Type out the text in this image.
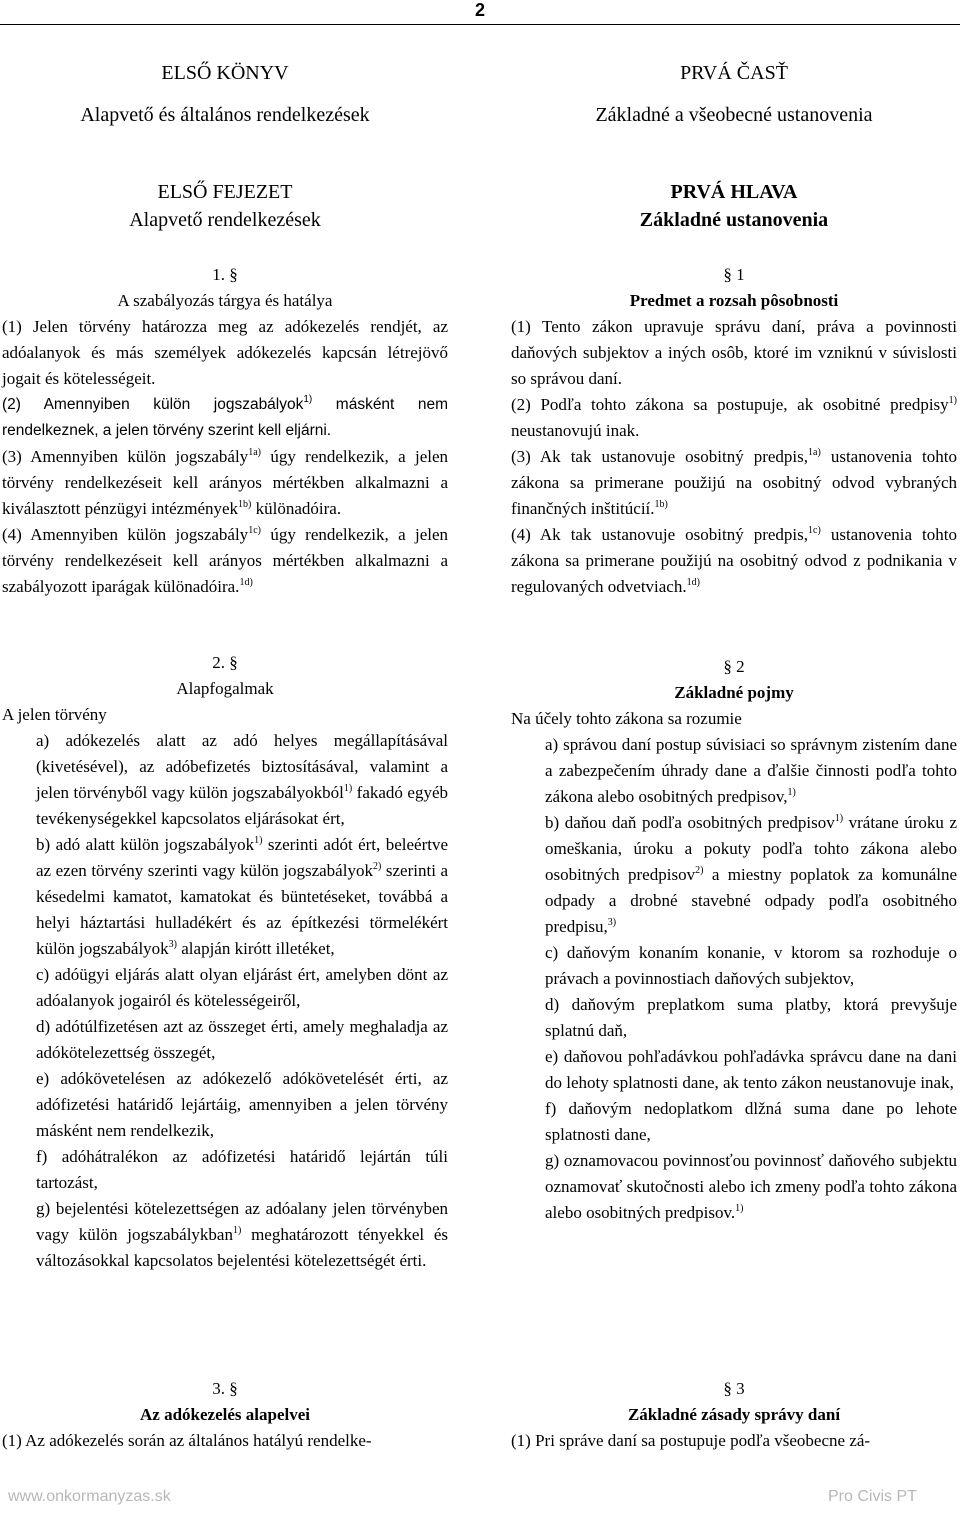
2
ELSŐ KÖNYV
Alapvető és általános rendelkezések
ELSŐ FEJEZET
Alapvető rendelkezések
1. §
A szabályozás tárgya és hatálya
(1) Jelen törvény határozza meg az adókezelés rendjét, az adóalanyok és más személyek adókezelés kapcsán létrejövő jogait és kötelességeit.
(2) Amennyiben külön jogszabályok$^{1)}$ másként nem rendelkeznek, a jelen törvény szerint kell eljárni.
(3) Amennyiben külön jogszabály$^{1a)}$ úgy rendelkezik, a jelen törvény rendelkezéseit kell arányos mértékben alkalmazni a kiválasztott pénzügyi intézmények$^{1b)}$ különadóira.
(4) Amennyiben külön jogszabály$^{1c)}$ úgy rendelkezik, a jelen törvény rendelkezéseit kell arányos mértékben alkalmazni a szabályozott iparágak különadóira.$^{1d)}$
2. §
Alapfogalmak
A jelen törvény
a) adókezelés alatt az adó helyes megállapításával (kivetésével), az adóbefizetés biztosításával, valamint a jelen törvényből vagy külön jogszabályokból$^{1)}$ fakadó egyéb tevékenységekkel kapcsolatos eljárásokat ért,
b) adó alatt külön jogszabályok$^{1)}$ szerinti adót ért, beleértve az ezen törvény szerinti vagy külön jogszabályok$^{2)}$ szerinti a késedelmi kamatot, kamatokat és büntetéseket, továbbá a helyi háztartási hulladékért és az építkezési törmelékért külön jogszabályok$^{3)}$ alapján kirótt illetéket,
c) adóügyi eljárás alatt olyan eljárást ért, amelyben dönt az adóalanyok jogairól és kötelességeiről,
d) adótúlfizetésen azt az összeget érti, amely meghaladja az adókötelezettség összegét,
e) adókövetelésen az adókezelő adókövetelését érti, az adófizetési határidő lejártáig, amennyiben a jelen törvény másként nem rendelkezik,
f) adóhátralékon az adófizetési határidő lejártán túli tartozást,
g) bejelentési kötelezettségen az adóalany jelen törvényben vagy külön jogszabálykban$^{1)}$ meghatározott tényekkel és változásokkal kapcsolatos bejelentési kötelezettségét érti.
3. §
Az adókezelés alapelvei
(1) Az adókezelés során az általános hatályú rendelke-
PRVÁ ČASŤ
Základné a všeobecné ustanovenia
PRVÁ HLAVA
Základné ustanovenia
§ 1
Predmet a rozsah pôsobnosti
(1) Tento zákon upravuje správu daní, práva a povinnosti daňových subjektov a iných osôb, ktoré im vzniknú v súvislosti so správou daní.
(2) Podľa tohto zákona sa postupuje, ak osobitné predpisy$^{1)}$ neustanovujú inak.
(3) Ak tak ustanovuje osobitný predpis,$^{1a)}$ ustanovenia tohto zákona sa primerane použijú na osobitný odvod vybraných finančných inštitúcií.$^{1b)}$
(4) Ak tak ustanovuje osobitný predpis,$^{1c)}$ ustanovenia tohto zákona sa primerane použijú na osobitný odvod z podnikania v regulovaných odvetviach.$^{1d)}$
§ 2
Základné pojmy
Na účely tohto zákona sa rozumie
a) správou daní postup súvisiaci so správnym zistením dane a zabezpečením úhrady dane a ďalšie činnosti podľa tohto zákona alebo osobitných predpisov,$^{1)}$
b) daňou daň podľa osobitných predpisov$^{1)}$ vrátane úroku z omeškania, úroku a pokuty podľa tohto zákona alebo osobitných predpisov$^{2)}$ a miestny poplatok za komunálne odpady a drobné stavebné odpady podľa osobitného predpisu,$^{3)}$
c) daňovým konaním konanie, v ktorom sa rozhoduje o právach a povinnostiach daňových subjektov,
d) daňovým preplatkom suma platby, ktorá prevyšuje splatnú daň,
e) daňovou pohľadávkou pohľadávka správcu dane na dani do lehoty splatnosti dane, ak tento zákon neustanovuje inak,
f) daňovým nedoplatkom dlžná suma dane po lehote splatnosti dane,
g) oznamovacou povinnosťou povinnosť daňového subjektu oznamovať skutočnosti alebo ich zmeny podľa tohto zákona alebo osobitných predpisov.$^{1)}$
§ 3
Základné zásady správy daní
(1) Pri správe daní sa postupuje podľa všeobecne zá-
www.onkormanyzas.sk	Pro Civis PT
